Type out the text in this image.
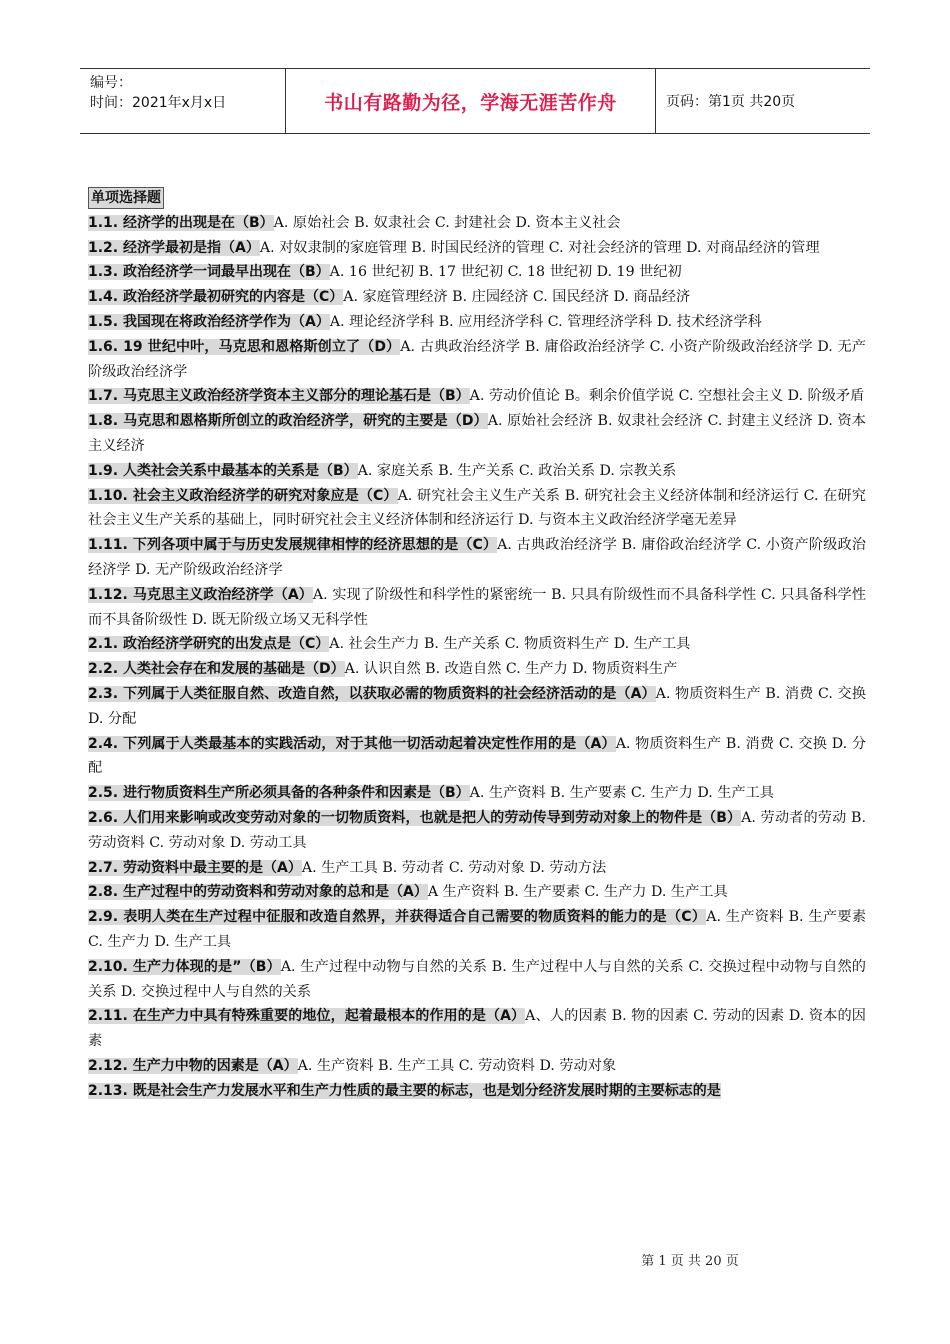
编号：
时间：2021年x月x日	书山有路勤为径，学海无涯苦作舟	页码：第1页 共20页
单项选择题

1.1. 经济学的出现是在（B）A. 原始社会 B. 奴隶社会 C. 封建社会 D. 资本主义社会

1.2. 经济学最初是指（A）A. 对奴隶制的家庭管理 B. 时国民经济的管理 C. 对社会经济的管理 D. 对商品经济的管理

1.3. 政治经济学一词最早出现在（B）A. 16 世纪初 B. 17 世纪初 C. 18 世纪初 D. 19 世纪初

1.4. 政治经济学最初研究的内容是（C）A. 家庭管理经济 B. 庄园经济 C. 国民经济 D. 商品经济

1.5. 我国现在将政治经济学作为（A）A. 理论经济学科 B. 应用经济学科 C. 管理经济学科 D. 技术经济学科

1.6. 19 世纪中叶，马克思和恩格斯创立了（D）A. 古典政治经济学 B. 庸俗政治经济学 C. 小资产阶级政治经济学 D. 无产阶级政治经济学

1.7. 马克思主义政治经济学资本主义部分的理论基石是（B）A. 劳动价值论 B。剩余价值学说 C. 空想社会主义 D. 阶级矛盾

1.8. 马克思和恩格斯所创立的政治经济学，研究的主要是（D）A. 原始社会经济 B. 奴隶社会经济 C. 封建主义经济 D. 资本主义经济

1.9. 人类社会关系中最基本的关系是（B）A. 家庭关系 B. 生产关系 C. 政治关系 D. 宗教关系

1.10. 社会主义政治经济学的研究对象应是（C）A. 研究社会主义生产关系 B. 研究社会主义经济体制和经济运行 C. 在研究社会主义生产关系的基础上，同时研究社会主义经济体制和经济运行 D. 与资本主义政治经济学毫无差异

1.11. 下列各项中属于与历史发展规律相悖的经济思想的是（C）A. 古典政治经济学 B. 庸俗政治经济学 C. 小资产阶级政治经济学 D. 无产阶级政治经济学

1.12. 马克思主义政治经济学（A）A. 实现了阶级性和科学性的紧密统一 B. 只具有阶级性而不具备科学性 C. 只具备科学性而不具备阶级性 D. 既无阶级立场又无科学性

2.1. 政治经济学研究的出发点是（C）A. 社会生产力 B. 生产关系 C. 物质资料生产 D. 生产工具

2.2. 人类社会存在和发展的基础是（D）A. 认识自然 B. 改造自然 C. 生产力 D. 物质资料生产

2.3. 下列属于人类征服自然、改造自然，以获取必需的物质资料的社会经济活动的是（A）A. 物质资料生产 B. 消费 C. 交换 D. 分配

2.4. 下列属于人类最基本的实践活动，对于其他一切活动起着决定性作用的是（A）A. 物质资料生产 B. 消费 C. 交换 D. 分配

2.5. 进行物质资料生产所必须具备的各种条件和因素是（B）A. 生产资料 B. 生产要素 C. 生产力 D. 生产工具

2.6. 人们用来影响或改变劳动对象的一切物质资料，也就是把人的劳动传导到劳动对象上的物件是（B）A. 劳动者的劳动 B. 劳动资料 C. 劳动对象 D. 劳动工具

2.7. 劳动资料中最主要的是（A）A. 生产工具 B. 劳动者 C. 劳动对象 D. 劳动方法

2.8. 生产过程中的劳动资料和劳动对象的总和是（A）A 生产资料 B. 生产要素 C. 生产力 D. 生产工具

2.9. 表明人类在生产过程中征服和改造自然界，并获得适合自己需要的物质资料的能力的是（C）A. 生产资料 B. 生产要素 C. 生产力 D. 生产工具

2.10. 生产力体现的是”（B）A. 生产过程中动物与自然的关系 B. 生产过程中人与自然的关系 C. 交换过程中动物与自然的关系 D. 交换过程中人与自然的关系

2.11. 在生产力中具有特殊重要的地位，起着最根本的作用的是（A）A、人的因素 B. 物的因素 C. 劳动的因素 D. 资本的因素

2.12. 生产力中物的因素是（A）A. 生产资料 B. 生产工具 C. 劳动资料 D. 劳动对象

2.13. 既是社会生产力发展水平和生产力性质的最主要的标志，也是划分经济发展时期的主要标志的是

第 1 页 共 20 页
